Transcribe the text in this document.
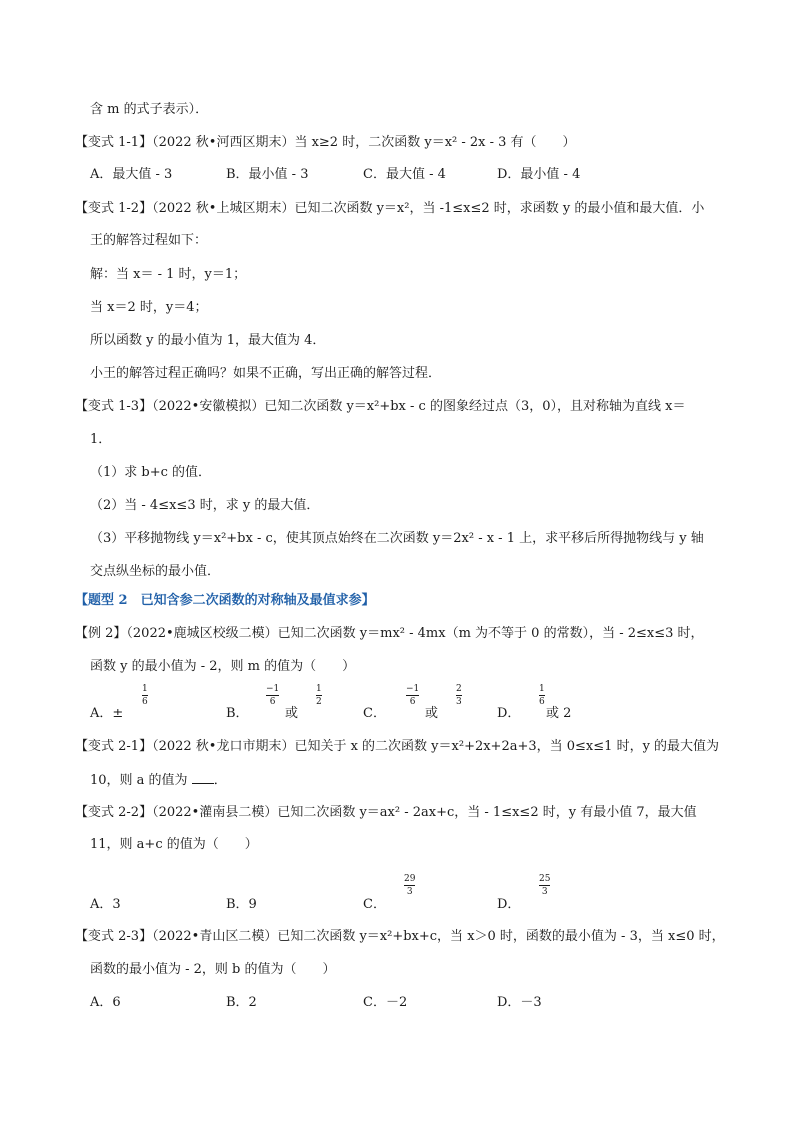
含 m 的式子表示）．
【变式 1-1】（2022 秋•河西区期末）当 x≥2 时，二次函数 y＝x² - 2x - 3 有（　　）
A．最大值 - 3	B．最小值 - 3	C．最大值 - 4	D．最小值 - 4
【变式 1-2】（2022 秋•上城区期末）已知二次函数 y＝x²，当 -1≤x≤2 时，求函数 y 的最小值和最大值．小
王的解答过程如下：
解：当 x＝ - 1 时，y＝1；
当 x＝2 时，y＝4；
所以函数 y 的最小值为 1，最大值为 4．
小王的解答过程正确吗？如果不正确，写出正确的解答过程．
【变式 1-3】（2022•安徽模拟）已知二次函数 y＝x²+bx - c 的图象经过点（3，0），且对称轴为直线 x＝
1．
（1）求 b+c 的值．
（2）当 - 4≤x≤3 时，求 y 的最大值．
（3）平移抛物线 y＝x²+bx - c，使其顶点始终在二次函数 y＝2x² - x - 1 上，求平移后所得抛物线与 y 轴
交点纵坐标的最小值．
【题型 2　已知含参二次函数的对称轴及最值求参】
【例 2】（2022•鹿城区校级二模）已知二次函数 y＝mx² - 4mx（m 为不等于 0 的常数），当 - 2≤x≤3 时，
函数 y 的最小值为 - 2，则 m 的值为（　　）
A．±
1
6
B．
−1
6
或
1
2
C．
−1
6
或
2
3
D．
1
6
或 2
【变式 2-1】（2022 秋•龙口市期末）已知关于 x 的二次函数 y＝x²+2x+2a+3，当 0≤x≤1 时，y 的最大值为
10，则 a 的值为 ．
【变式 2-2】（2022•灌南县二模）已知二次函数 y＝ax² - 2ax+c，当 - 1≤x≤2 时，y 有最小值 7，最大值
11，则 a+c 的值为（　　）
A．3	B．9	C．
29
3
D．
25
3
【变式 2-3】（2022•青山区二模）已知二次函数 y＝x²+bx+c，当 x＞0 时，函数的最小值为 - 3，当 x≤0 时，
函数的最小值为 - 2，则 b 的值为（　　）
A．6	B．2	C．－2	D．－3
